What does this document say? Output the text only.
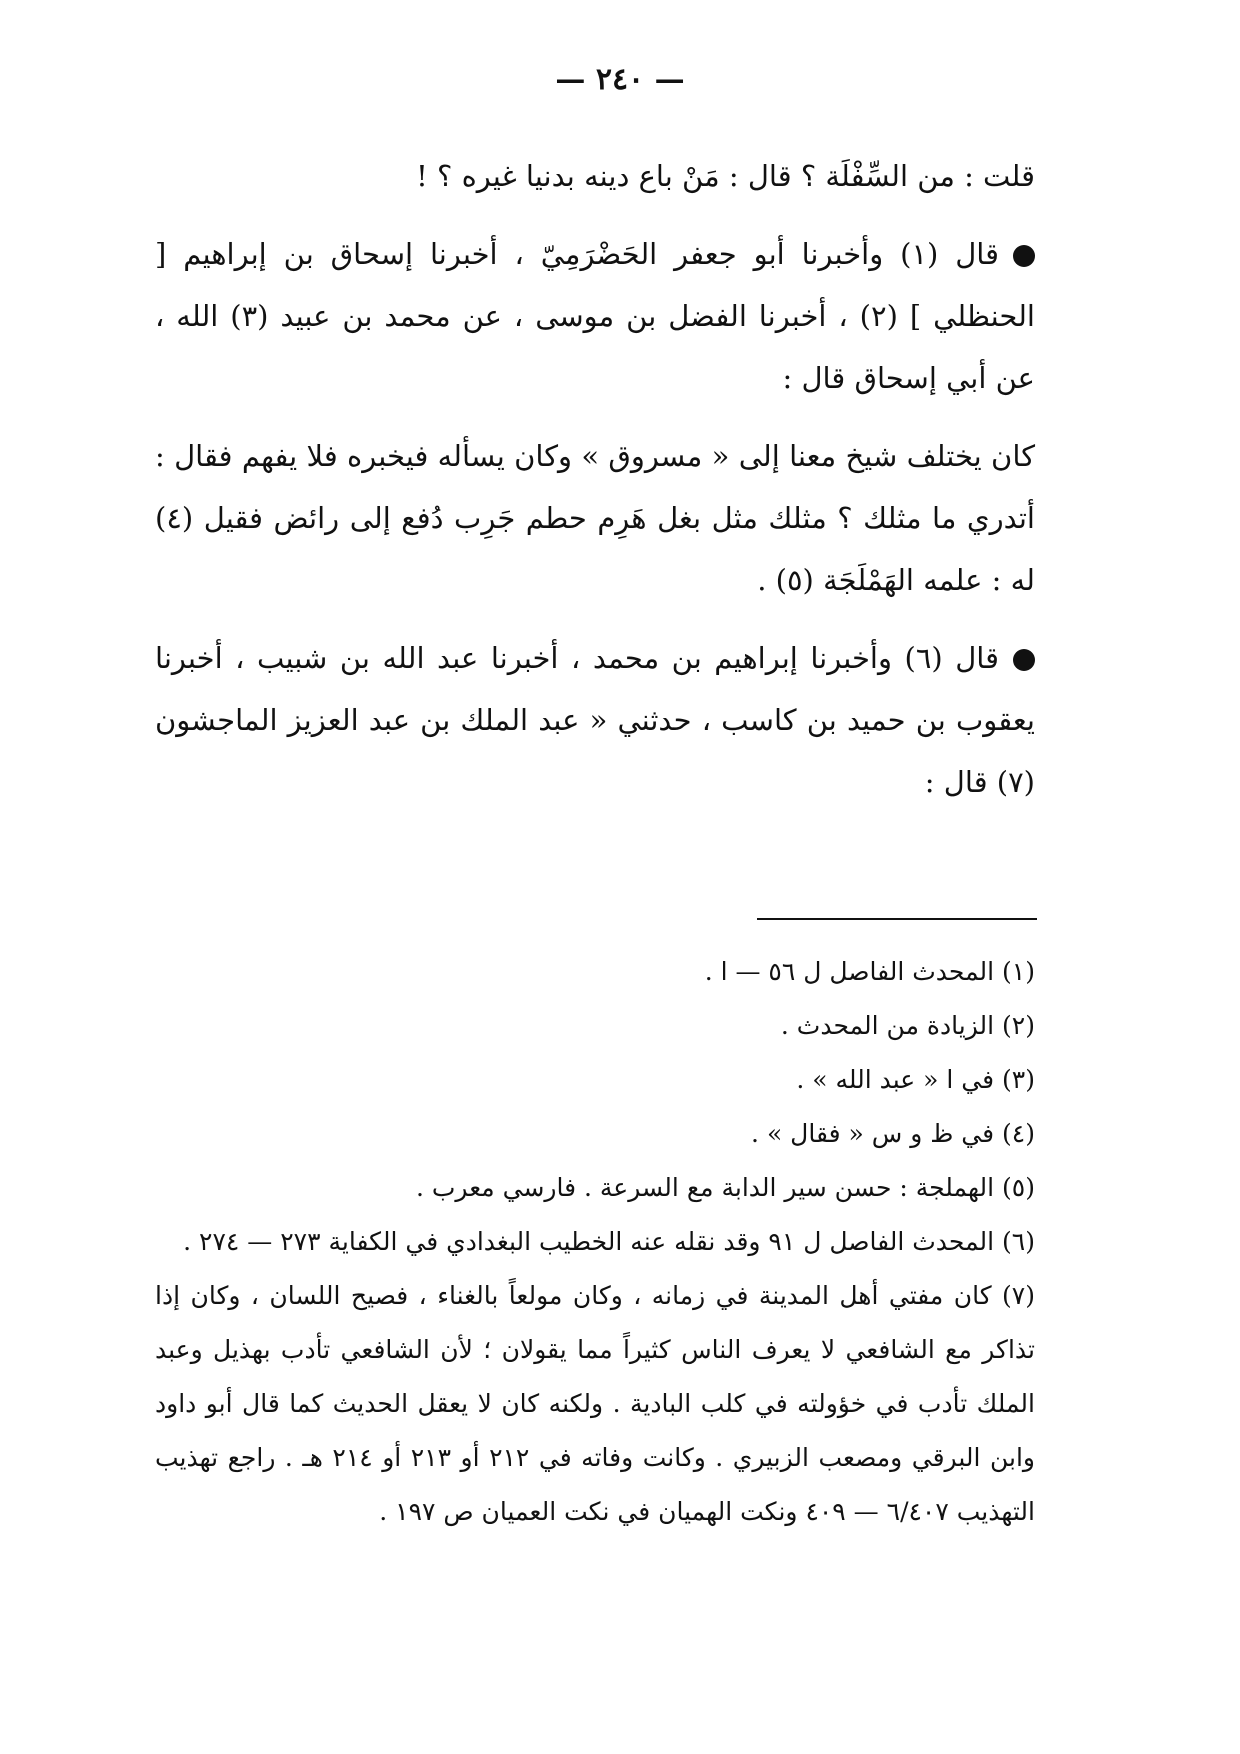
— ٢٤٠ —

قلت : من السِّفْلَة ؟ قال : مَنْ باع دينه بدنيا غيره ؟ !

قال (١) وأخبرنا أبو جعفر الحَضْرَمِيّ ، أخبرنا إسحاق بن إبراهيم [ الحنظلي ] (٢) ، أخبرنا الفضل بن موسى ، عن محمد بن عبيد (٣) الله ، عن أبي إسحاق قال :

كان يختلف شيخ معنا إلى « مسروق » وكان يسأله فيخبره فلا يفهم فقال : أتدري ما مثلك ؟ مثلك مثل بغل هَرِم حطم جَرِب دُفع إلى رائض فقيل (٤) له : علمه الهَمْلَجَة (٥) .

قال (٦) وأخبرنا إبراهيم بن محمد ، أخبرنا عبد الله بن شبيب ، أخبرنا يعقوب بن حميد بن كاسب ، حدثني « عبد الملك بن عبد العزيز الماجشون (٧) قال :

(١) المحدث الفاصل ل ٥٦ — ا .

(٢) الزيادة من المحدث .

(٣) في ا « عبد الله » .

(٤) في ظ و س « فقال » .

(٥) الهملجة : حسن سير الدابة مع السرعة . فارسي معرب .

(٦) المحدث الفاصل ل ٩١ وقد نقله عنه الخطيب البغدادي في الكفاية ٢٧٣ — ٢٧٤ .

(٧) كان مفتي أهل المدينة في زمانه ، وكان مولعاً بالغناء ، فصيح اللسان ، وكان إذا تذاكر مع الشافعي لا يعرف الناس كثيراً مما يقولان ؛ لأن الشافعي تأدب بهذيل وعبد الملك تأدب في خؤولته في كلب البادية . ولكنه كان لا يعقل الحديث كما قال أبو داود وابن البرقي ومصعب الزبيري . وكانت وفاته في ٢١٢ أو ٢١٣ أو ٢١٤ هـ . راجع تهذيب التهذيب ٦/٤٠٧ — ٤٠٩ ونكت الهميان في نكت العميان ص ١٩٧ .
